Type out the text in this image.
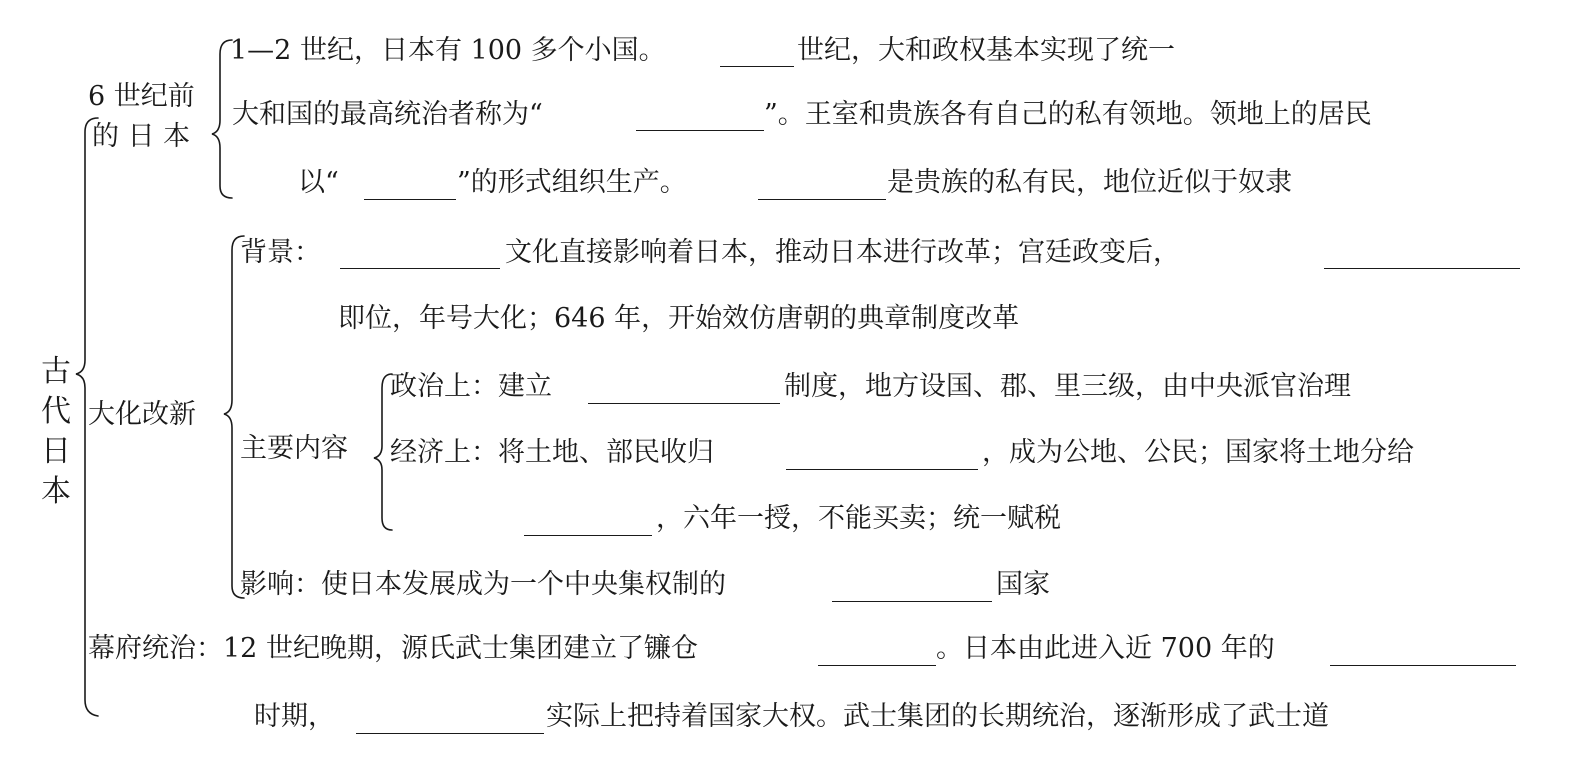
古
代
日
本
6 世纪前
的 日 本
1—2 世纪，日本有 100 多个小国。	世纪，大和政权基本实现了统一
大和国的最高统治者称为“	”。王室和贵族各有自己的私有领地。领地上的居民
以“	”的形式组织生产。	是贵族的私有民，地位近似于奴隶
大化改新
背景：	文化直接影响着日本，推动日本进行改革；宫廷政变后，
即位，年号大化；646 年，开始效仿唐朝的典章制度改革
主要内容
政治上：建立	制度，地方设国、郡、里三级，由中央派官治理
经济上：将土地、部民收归	，成为公地、公民；国家将土地分给
，六年一授，不能买卖；统一赋税
影响：使日本发展成为一个中央集权制的	国家
幕府统治：12 世纪晚期，源氏武士集团建立了镰仓	。日本由此进入近 700 年的
时期，	实际上把持着国家大权。武士集团的长期统治，逐渐形成了武士道
